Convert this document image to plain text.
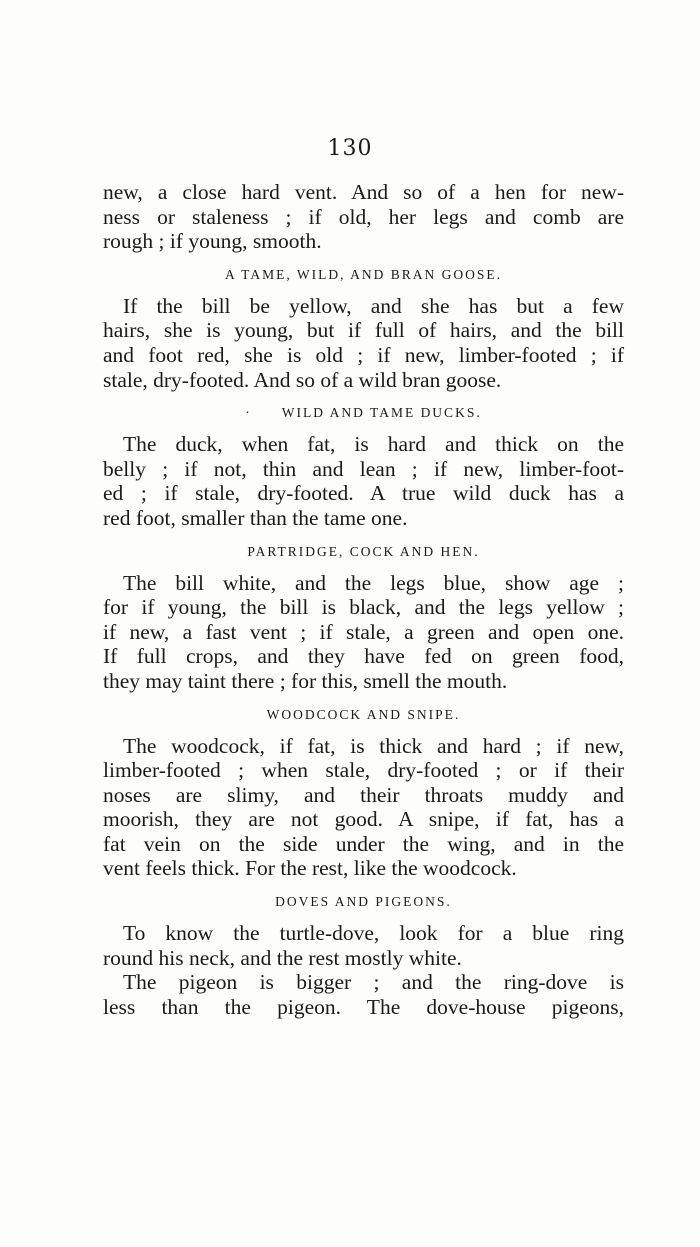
130

new, a close hard vent. And so of a hen for new-
ness or staleness ; if old, her legs and comb are
rough ; if young, smooth.

A TAME, WILD, AND BRAN GOOSE.

If the bill be yellow, and she has but a few
hairs, she is young, but if full of hairs, and the bill
and foot red, she is old ; if new, limber-footed ; if
stale, dry-footed. And so of a wild bran goose.

· WILD AND TAME DUCKS.

The duck, when fat, is hard and thick on the
belly ; if not, thin and lean ; if new, limber-foot-
ed ; if stale, dry-footed. A true wild duck has a
red foot, smaller than the tame one.

PARTRIDGE, COCK AND HEN.

The bill white, and the legs blue, show age ;
for if young, the bill is black, and the legs yellow ;
if new, a fast vent ; if stale, a green and open one.
If full crops, and they have fed on green food,
they may taint there ; for this, smell the mouth.

WOODCOCK AND SNIPE.

The woodcock, if fat, is thick and hard ; if new,
limber-footed ; when stale, dry-footed ; or if their
noses are slimy, and their throats muddy and
moorish, they are not good. A snipe, if fat, has a
fat vein on the side under the wing, and in the
vent feels thick. For the rest, like the woodcock.

DOVES AND PIGEONS.

To know the turtle-dove, look for a blue ring
round his neck, and the rest mostly white.

The pigeon is bigger ; and the ring-dove is
less than the pigeon. The dove-house pigeons,
